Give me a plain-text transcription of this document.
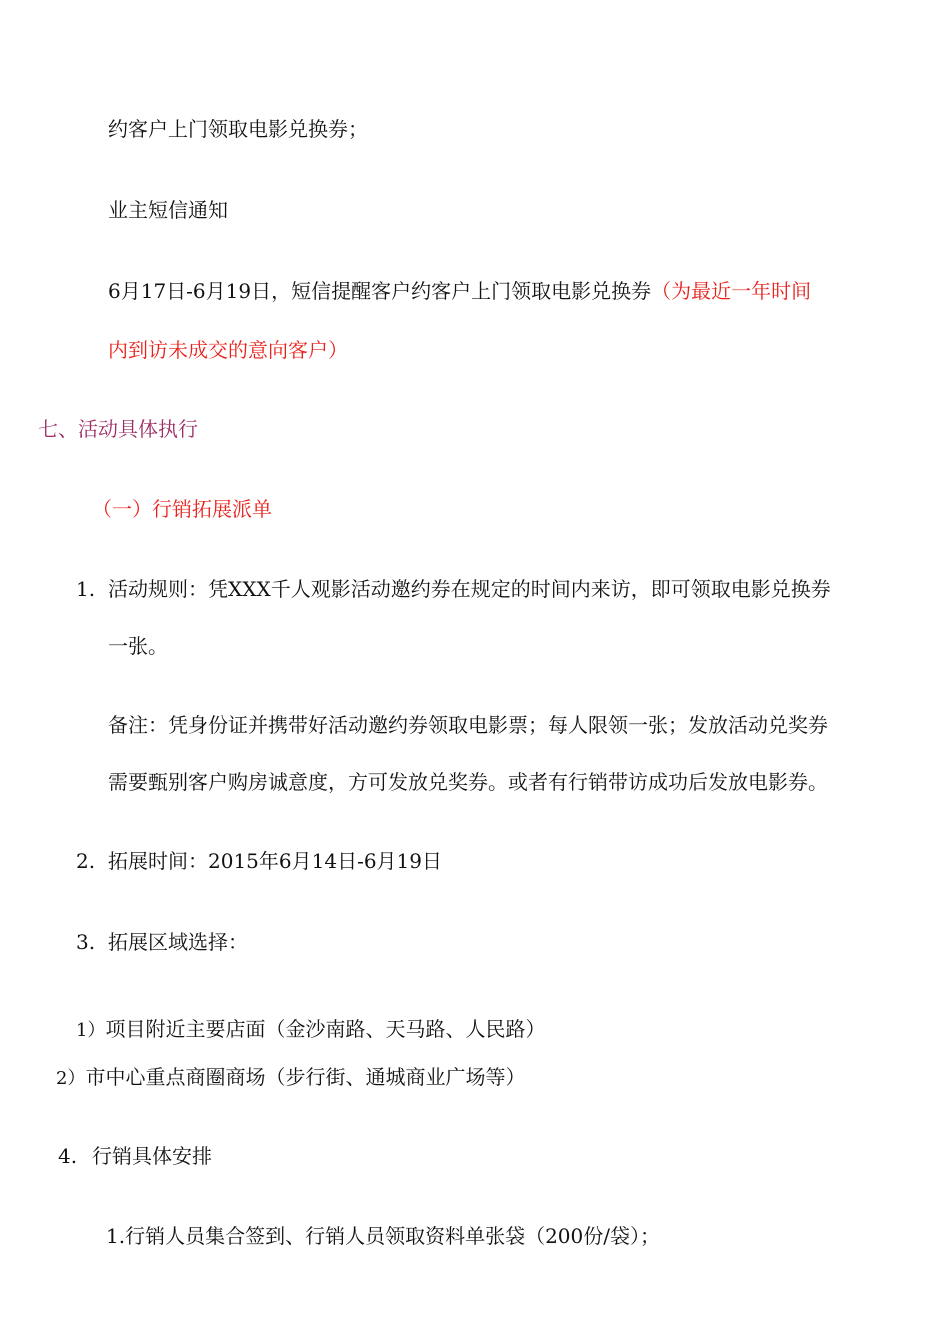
约客户上门领取电影兑换券；
业主短信通知
6月17日-6月19日，短信提醒客户约客户上门领取电影兑换券（为最近一年时间
内到访未成交的意向客户）
七、活动具体执行
（一）行销拓展派单
1. 活动规则：凭XXX千人观影活动邀约券在规定的时间内来访，即可领取电影兑换券
一张。
备注：凭身份证并携带好活动邀约券领取电影票；每人限领一张；发放活动兑奖券
需要甄别客户购房诚意度，方可发放兑奖券。或者有行销带访成功后发放电影券。
2. 拓展时间：2015年6月14日-6月19日
3. 拓展区域选择：
1）项目附近主要店面（金沙南路、天马路、人民路）
2）市中心重点商圈商场（步行街、通城商业广场等）
4. 行销具体安排
1.行销人员集合签到、行销人员领取资料单张袋（200份/袋）；
